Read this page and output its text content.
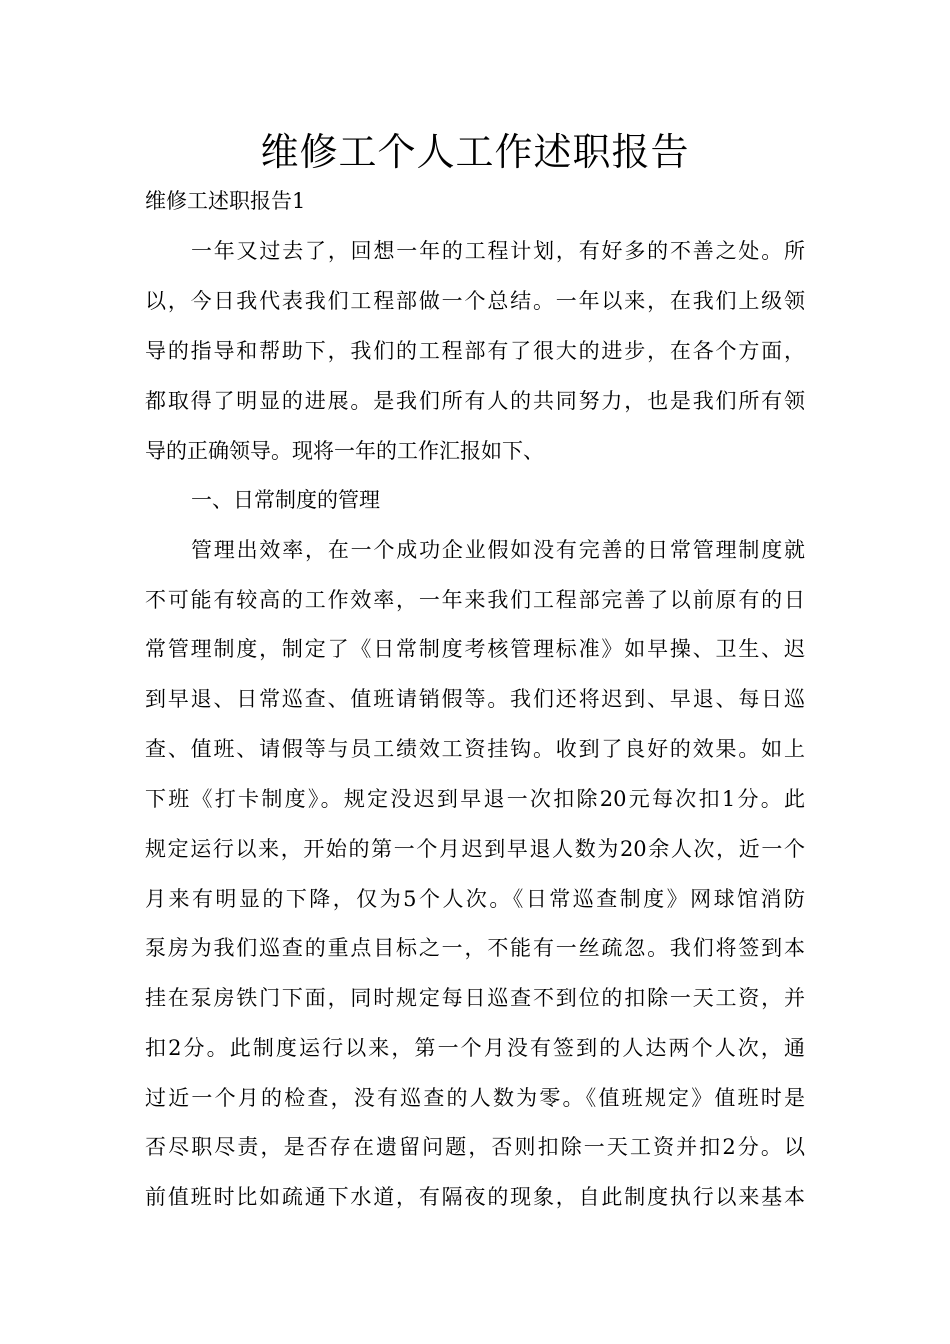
维修工个人工作述职报告

维修工述职报告1

一年又过去了，回想一年的工程计划，有好多的不善之处。所

以，今日我代表我们工程部做一个总结。一年以来，在我们上级领

导的指导和帮助下，我们的工程部有了很大的进步，在各个方面，

都取得了明显的进展。是我们所有人的共同努力，也是我们所有领

导的正确领导。现将一年的工作汇报如下、

一、日常制度的管理

管理出效率，在一个成功企业假如没有完善的日常管理制度就

不可能有较高的工作效率，一年来我们工程部完善了以前原有的日

常管理制度，制定了《日常制度考核管理标准》如早操、卫生、迟

到早退、日常巡查、值班请销假等。我们还将迟到、早退、每日巡

查、值班、请假等与员工绩效工资挂钩。收到了良好的效果。如上

下班《打卡制度》。规定没迟到早退一次扣除20元每次扣1分。此

规定运行以来，开始的第一个月迟到早退人数为20余人次，近一个

月来有明显的下降，仅为5个人次。《日常巡查制度》网球馆消防

泵房为我们巡查的重点目标之一，不能有一丝疏忽。我们将签到本

挂在泵房铁门下面，同时规定每日巡查不到位的扣除一天工资，并

扣2分。此制度运行以来，第一个月没有签到的人达两个人次，通

过近一个月的检查，没有巡查的人数为零。《值班规定》值班时是

否尽职尽责，是否存在遗留问题，否则扣除一天工资并扣2分。以

前值班时比如疏通下水道，有隔夜的现象，自此制度执行以来基本
